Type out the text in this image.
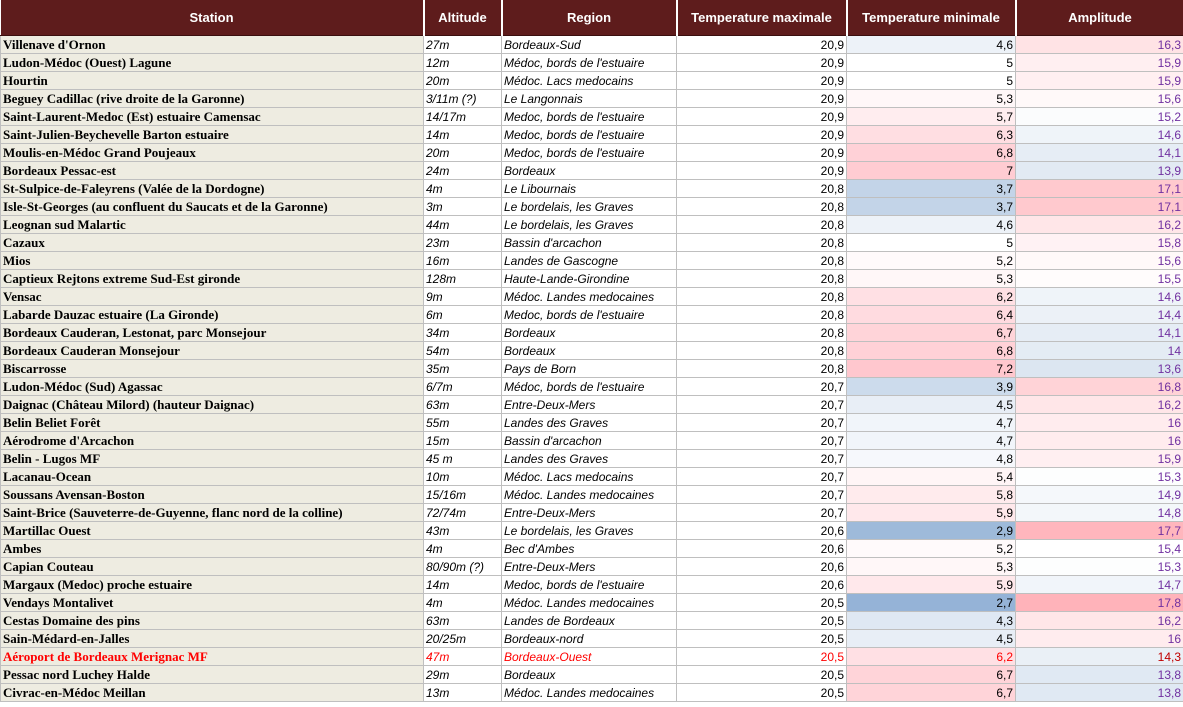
Station	Altitude	Region	Temperature maximale	Temperature minimale	Amplitude
Villenave d'Ornon	27m	Bordeaux-Sud	20,9	4,6	16,3
Ludon-Médoc (Ouest) Lagune	12m	Médoc, bords de l'estuaire	20,9	5	15,9
Hourtin	20m	Médoc. Lacs medocains	20,9	5	15,9
Beguey Cadillac (rive droite de la Garonne)	3/11m (?)	Le Langonnais	20,9	5,3	15,6
Saint-Laurent-Medoc (Est) estuaire Camensac	14/17m	Medoc, bords de l'estuaire	20,9	5,7	15,2
Saint-Julien-Beychevelle Barton estuaire	14m	Medoc, bords de l'estuaire	20,9	6,3	14,6
Moulis-en-Médoc Grand Poujeaux	20m	Medoc, bords de l'estuaire	20,9	6,8	14,1
Bordeaux Pessac-est	24m	Bordeaux	20,9	7	13,9
St-Sulpice-de-Faleyrens (Valée de la Dordogne)	4m	Le Libournais	20,8	3,7	17,1
Isle-St-Georges (au confluent du Saucats et de la Garonne)	3m	Le bordelais, les Graves	20,8	3,7	17,1
Leognan sud Malartic	44m	Le bordelais, les Graves	20,8	4,6	16,2
Cazaux	23m	Bassin d'arcachon	20,8	5	15,8
Mios	16m	Landes de Gascogne	20,8	5,2	15,6
Captieux Rejtons extreme Sud-Est gironde	128m	Haute-Lande-Girondine	20,8	5,3	15,5
Vensac	9m	Médoc. Landes medocaines	20,8	6,2	14,6
Labarde Dauzac estuaire (La Gironde)	6m	Medoc, bords de l'estuaire	20,8	6,4	14,4
Bordeaux Cauderan, Lestonat, parc Monsejour	34m	Bordeaux	20,8	6,7	14,1
Bordeaux Cauderan Monsejour	54m	Bordeaux	20,8	6,8	14
Biscarrosse	35m	Pays de Born	20,8	7,2	13,6
Ludon-Médoc (Sud) Agassac	6/7m	Médoc, bords de l'estuaire	20,7	3,9	16,8
Daignac (Château Milord) (hauteur Daignac)	63m	Entre-Deux-Mers	20,7	4,5	16,2
Belin Beliet Forêt	55m	Landes des Graves	20,7	4,7	16
Aérodrome d'Arcachon	15m	Bassin d'arcachon	20,7	4,7	16
Belin - Lugos MF	45 m	Landes des Graves	20,7	4,8	15,9
Lacanau-Ocean	10m	Médoc. Lacs medocains	20,7	5,4	15,3
Soussans Avensan-Boston	15/16m	Médoc. Landes medocaines	20,7	5,8	14,9
Saint-Brice (Sauveterre-de-Guyenne, flanc nord de la colline)	72/74m	Entre-Deux-Mers	20,7	5,9	14,8
Martillac Ouest	43m	Le bordelais, les Graves	20,6	2,9	17,7
Ambes	4m	Bec d'Ambes	20,6	5,2	15,4
Capian Couteau	80/90m (?)	Entre-Deux-Mers	20,6	5,3	15,3
Margaux (Medoc) proche estuaire	14m	Medoc, bords de l'estuaire	20,6	5,9	14,7
Vendays Montalivet	4m	Médoc. Landes medocaines	20,5	2,7	17,8
Cestas Domaine des pins	63m	Landes de Bordeaux	20,5	4,3	16,2
Sain-Médard-en-Jalles	20/25m	Bordeaux-nord	20,5	4,5	16
Aéroport de Bordeaux Merignac MF	47m	Bordeaux-Ouest	20,5	6,2	14,3
Pessac nord Luchey Halde	29m	Bordeaux	20,5	6,7	13,8
Civrac-en-Médoc Meillan	13m	Médoc. Landes medocaines	20,5	6,7	13,8
